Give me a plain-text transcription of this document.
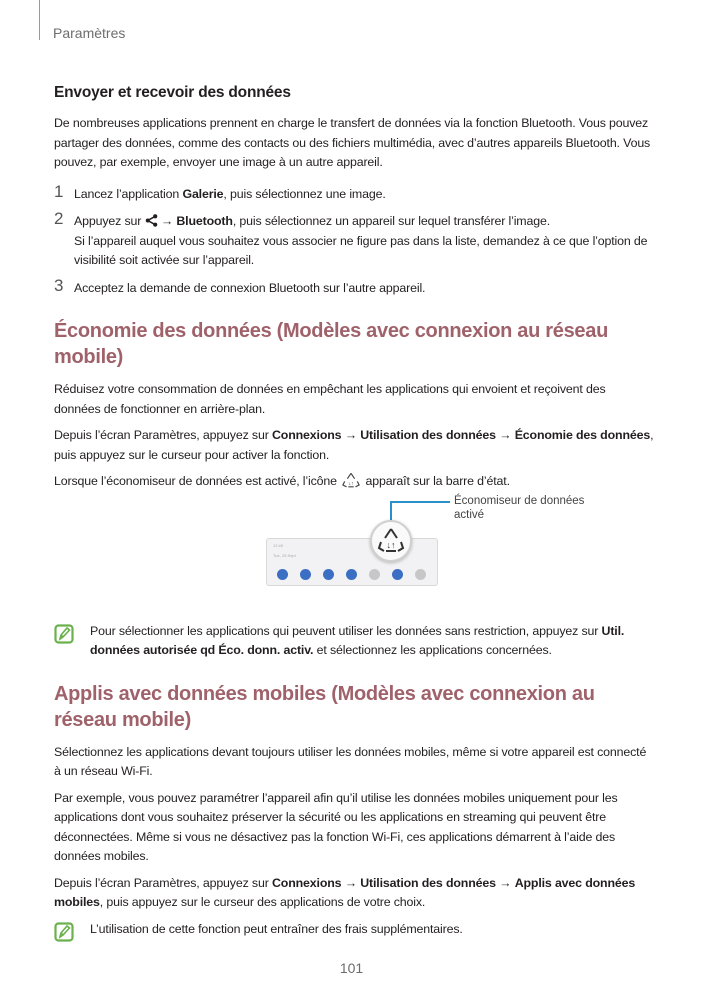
Paramètres
Envoyer et recevoir des données

De nombreuses applications prennent en charge le transfert de données via la fonction Bluetooth. Vous pouvez partager des données, comme des contacts ou des fichiers multimédia, avec d’autres appareils Bluetooth. Vous pouvez, par exemple, envoyer une image à un autre appareil.

1 Lancez l’application Galerie, puis sélectionnez une image.

2 Appuyez sur  → Bluetooth, puis sélectionnez un appareil sur lequel transférer l’image.

Si l’appareil auquel vous souhaitez vous associer ne figure pas dans la liste, demandez à ce que l’option de visibilité soit activée sur l’appareil.

3 Acceptez la demande de connexion Bluetooth sur l’autre appareil.

Économie des données (Modèles avec connexion au réseau mobile)

Réduisez votre consommation de données en empêchant les applications qui envoient et reçoivent des données de fonctionner en arrière-plan.

Depuis l’écran Paramètres, appuyez sur Connexions → Utilisation des données → Économie des données, puis appuyez sur le curseur pour activer la fonction.

Lorsque l’économiseur de données est activé, l’icône ↓↑ apparaît sur la barre d’état.

12:45
Tue, 25 Sept
↓↑
Économiseur de données activé

Pour sélectionner les applications qui peuvent utiliser les données sans restriction, appuyez sur Util. données autorisée qd Éco. donn. activ. et sélectionnez les applications concernées.

Applis avec données mobiles (Modèles avec connexion au réseau mobile)

Sélectionnez les applications devant toujours utiliser les données mobiles, même si votre appareil est connecté à un réseau Wi-Fi.

Par exemple, vous pouvez paramétrer l’appareil afin qu’il utilise les données mobiles uniquement pour les applications dont vous souhaitez préserver la sécurité ou les applications en streaming qui peuvent être déconnectées. Même si vous ne désactivez pas la fonction Wi-Fi, ces applications démarrent à l’aide des données mobiles.

Depuis l’écran Paramètres, appuyez sur Connexions → Utilisation des données → Applis avec données mobiles, puis appuyez sur le curseur des applications de votre choix.

L’utilisation de cette fonction peut entraîner des frais supplémentaires.

101
